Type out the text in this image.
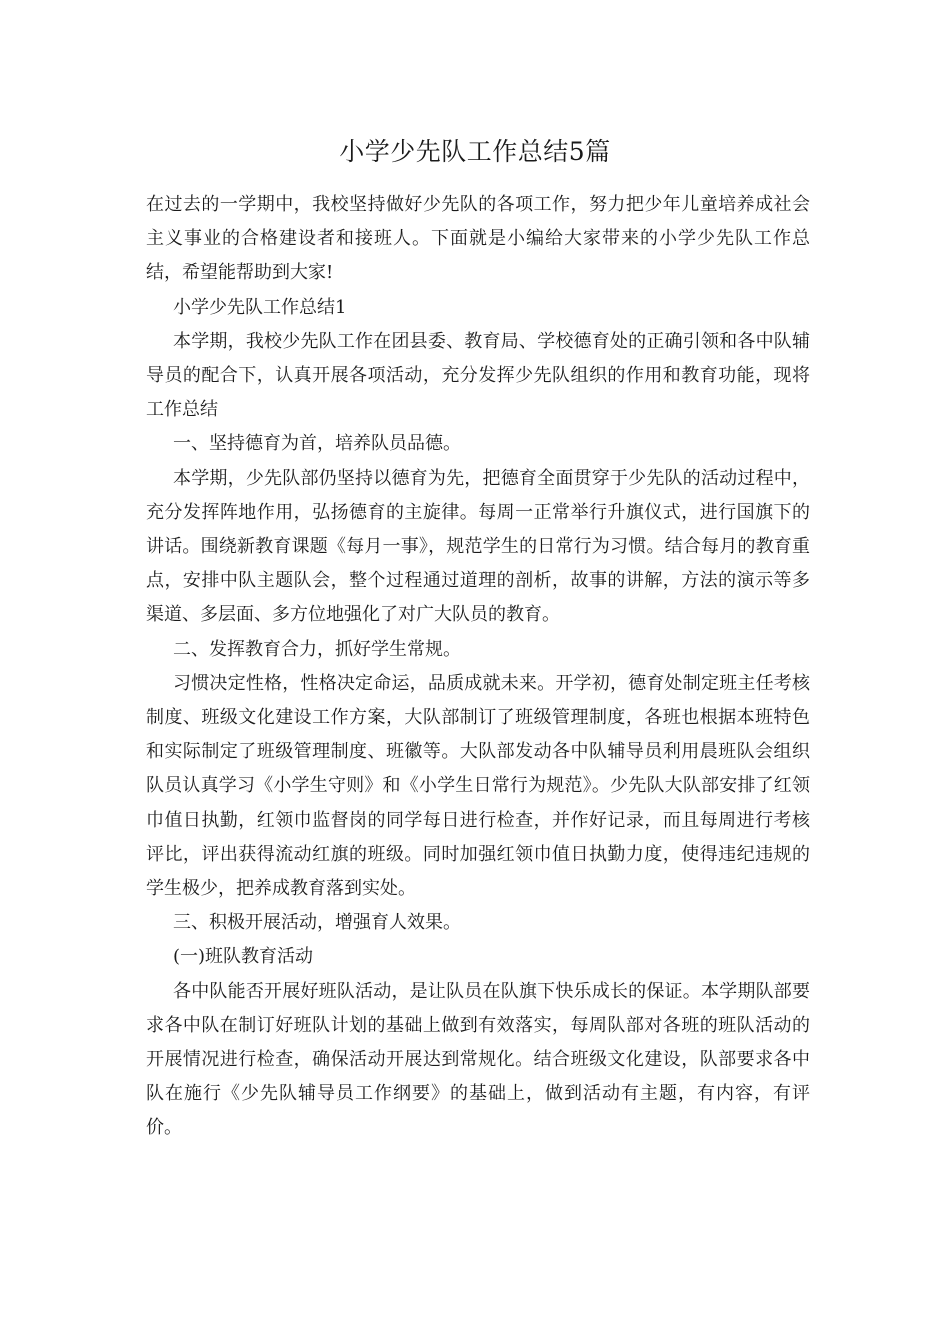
小学少先队工作总结5篇

在过去的一学期中，我校坚持做好少先队的各项工作，努力把少年儿童培养成社会主义事业的合格建设者和接班人。下面就是小编给大家带来的小学少先队工作总结，希望能帮助到大家!

小学少先队工作总结1

本学期，我校少先队工作在团县委、教育局、学校德育处的正确引领和各中队辅导员的配合下，认真开展各项活动，充分发挥少先队组织的作用和教育功能，现将工作总结

一、坚持德育为首，培养队员品德。

本学期，少先队部仍坚持以德育为先，把德育全面贯穿于少先队的活动过程中，充分发挥阵地作用，弘扬德育的主旋律。每周一正常举行升旗仪式，进行国旗下的讲话。围绕新教育课题《每月一事》，规范学生的日常行为习惯。结合每月的教育重点，安排中队主题队会，整个过程通过道理的剖析，故事的讲解，方法的演示等多渠道、多层面、多方位地强化了对广大队员的教育。

二、发挥教育合力，抓好学生常规。

习惯决定性格，性格决定命运，品质成就未来。开学初，德育处制定班主任考核制度、班级文化建设工作方案，大队部制订了班级管理制度，各班也根据本班特色和实际制定了班级管理制度、班徽等。大队部发动各中队辅导员利用晨班队会组织队员认真学习《小学生守则》和《小学生日常行为规范》。少先队大队部安排了红领巾值日执勤，红领巾监督岗的同学每日进行检查，并作好记录，而且每周进行考核评比，评出获得流动红旗的班级。同时加强红领巾值日执勤力度，使得违纪违规的学生极少，把养成教育落到实处。

三、积极开展活动，增强育人效果。

(一)班队教育活动

各中队能否开展好班队活动，是让队员在队旗下快乐成长的保证。本学期队部要求各中队在制订好班队计划的基础上做到有效落实，每周队部对各班的班队活动的开展情况进行检查，确保活动开展达到常规化。结合班级文化建设，队部要求各中队在施行《少先队辅导员工作纲要》的基础上，做到活动有主题，有内容，有评价。
